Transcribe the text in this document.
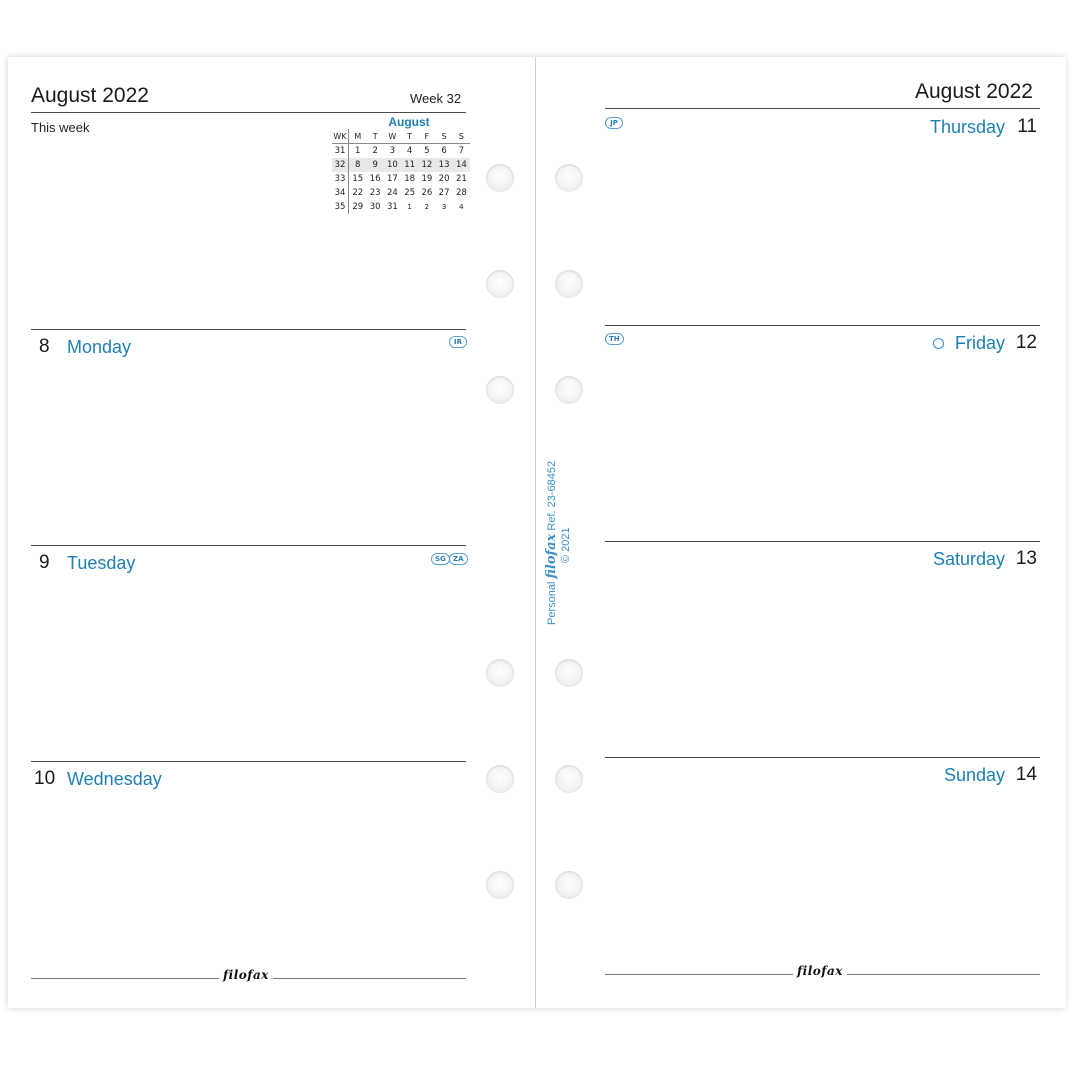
August 2022	Week 32
This week	August
WK	M	T	W	T	F	S	S
31	1	2	3	4	5	6	7
32	8	9	10	11	12	13	14
33	15	16	17	18	19	20	21
34	22	23	24	25	26	27	28
35	29	30	31	1	2	3	4
8 Monday	IR
9 Tuesday	SG	ZA
10 Wednesday
filofax
August 2022
JP	Thursday 11
TH	Friday 12
Saturday 13
Sunday 14
filofax
Personal filofax Ref. 23-68452
© 2021
